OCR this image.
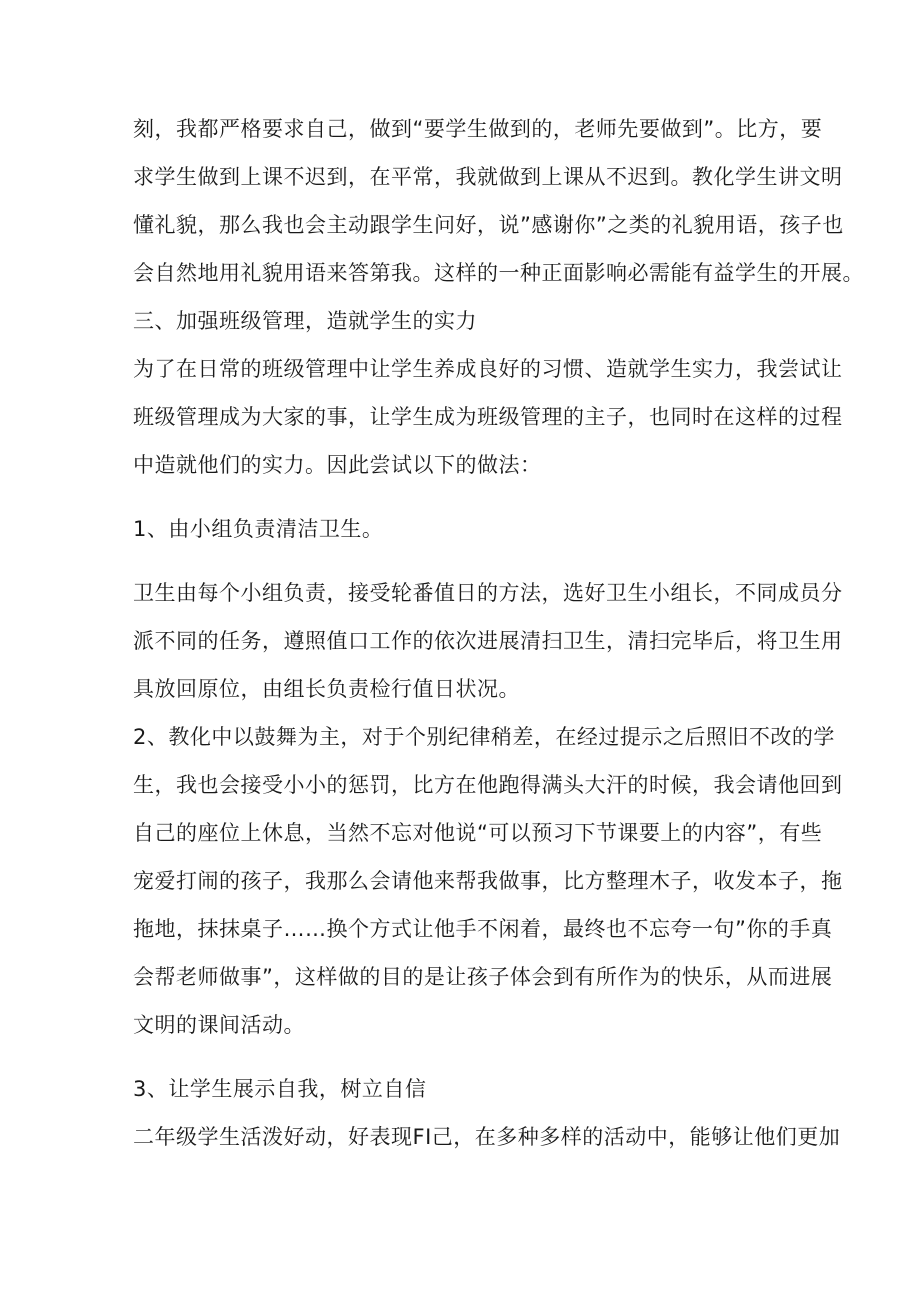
刻，我都严格要求自己，做到“要学生做到的，老师先要做到”。比方，要
求学生做到上课不迟到，在平常，我就做到上课从不迟到。教化学生讲文明
懂礼貌，那么我也会主动跟学生问好，说”感谢你”之类的礼貌用语，孩子也
会自然地用礼貌用语来答第我。这样的一种正面影响必需能有益学生的开展。
三、加强班级管理，造就学生的实力
为了在日常的班级管理中让学生养成良好的习惯、造就学生实力，我尝试让
班级管理成为大家的事，让学生成为班级管理的主子，也同时在这样的过程
中造就他们的实力。因此尝试以下的做法：
1、由小组负责清洁卫生。
卫生由每个小组负责，接受轮番值日的方法，选好卫生小组长，不同成员分
派不同的任务，遵照值口工作的依次进展清扫卫生，清扫完毕后，将卫生用
具放回原位，由组长负责检行值日状况。
2、教化中以鼓舞为主，对于个别纪律稍差，在经过提示之后照旧不改的学
生，我也会接受小小的惩罚，比方在他跑得满头大汗的时候，我会请他回到
自己的座位上休息，当然不忘对他说“可以预习下节课要上的内容”，有些
宠爱打闹的孩子，我那么会请他来帮我做事，比方整理木子，收发本子，拖
拖地，抹抹桌子……换个方式让他手不闲着，最终也不忘夸一句”你的手真
会帮老师做事”，这样做的目的是让孩子体会到有所作为的快乐，从而进展
文明的课间活动。
3、让学生展示自我，树立自信
二年级学生活泼好动，好表现FI己，在多种多样的活动中，能够让他们更加
